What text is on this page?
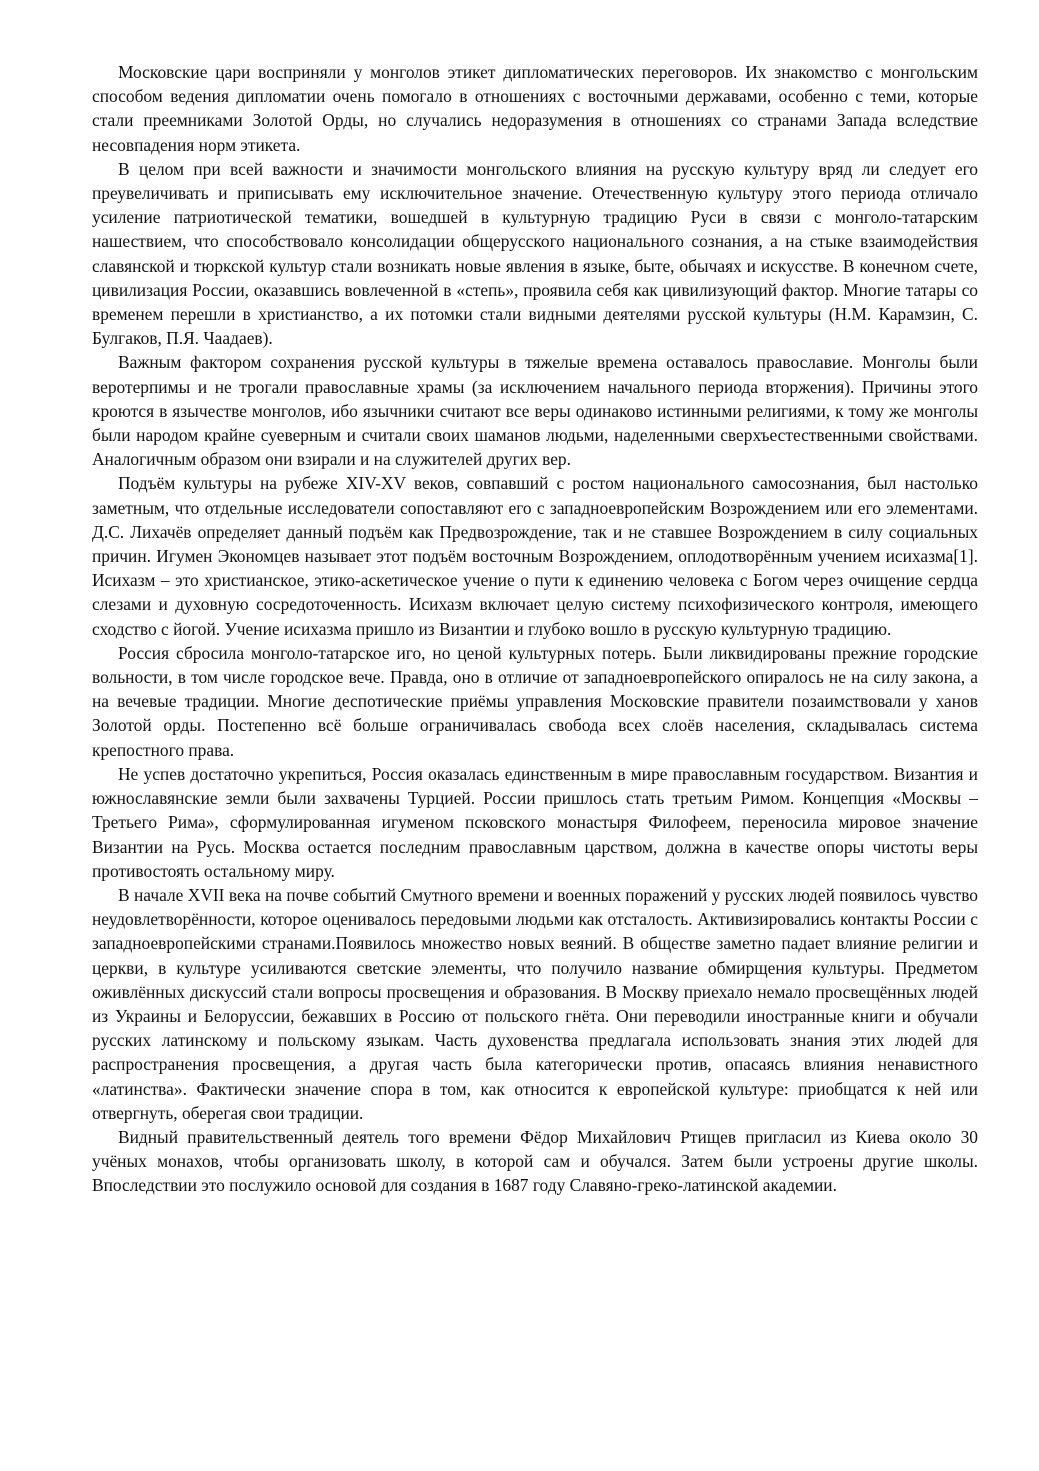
Московские цари восприняли у монголов этикет дипломатических переговоров. Их знакомство с монгольским способом ведения дипломатии очень помогало в отношениях с восточными державами, особенно с теми, которые стали преемниками Золотой Орды, но случались недоразумения в отношениях со странами Запада вследствие несовпадения норм этикета.

В целом при всей важности и значимости монгольского влияния на русскую культуру вряд ли следует его преувеличивать и приписывать ему исключительное значение. Отечественную культуру этого периода отличало усиление патриотической тематики, вошедшей в культурную традицию Руси в связи с монголо-татарским нашествием, что способствовало консолидации общерусского национального сознания, а на стыке взаимодействия славянской и тюркской культур стали возникать новые явления в языке, быте, обычаях и искусстве. В конечном счете, цивилизация России, оказавшись вовлеченной в «степь», проявила себя как цивилизующий фактор. Многие татары со временем перешли в христианство, а их потомки стали видными деятелями русской культуры (Н.М. Карамзин, С. Булгаков, П.Я. Чаадаев).

Важным фактором сохранения русской культуры в тяжелые времена оставалось православие. Монголы были веротерпимы и не трогали православные храмы (за исключением начального периода вторжения). Причины этого кроются в язычестве монголов, ибо язычники считают все веры одинаково истинными религиями, к тому же монголы были народом крайне суеверным и считали своих шаманов людьми, наделенными сверхъестественными свойствами. Аналогичным образом они взирали и на служителей других вер.

Подъём культуры на рубеже XIV-XV веков, совпавший с ростом национального самосознания, был настолько заметным, что отдельные исследователи сопоставляют его с западноевропейским Возрождением или его элементами. Д.С. Лихачёв определяет данный подъём как Предвозрождение, так и не ставшее Возрождением в силу социальных причин. Игумен Экономцев называет этот подъём восточным Возрождением, оплодотворённым учением исихазма[1]. Исихазм – это христианское, этико-аскетическое учение о пути к единению человека с Богом через очищение сердца слезами и духовную сосредоточенность. Исихазм включает целую систему психофизического контроля, имеющего сходство с йогой. Учение исихазма пришло из Византии и глубоко вошло в русскую культурную традицию.

Россия сбросила монголо-татарское иго, но ценой культурных потерь. Были ликвидированы прежние городские вольности, в том числе городское вече. Правда, оно в отличие от западноевропейского опиралось не на силу закона, а на вечевые традиции. Многие деспотические приёмы управления Московские правители позаимствовали у ханов Золотой орды. Постепенно всё больше ограничивалась свобода всех слоёв населения, складывалась система крепостного права.

Не успев достаточно укрепиться, Россия оказалась единственным в мире православным государством. Византия и южнославянские земли были захвачены Турцией. России пришлось стать третьим Римом. Концепция «Москвы – Третьего Рима», сформулированная игуменом псковского монастыря Филофеем, переносила мировое значение Византии на Русь. Москва остается последним православным царством, должна в качестве опоры чистоты веры противостоять остальному миру.

В начале XVII века на почве событий Смутного времени и военных поражений у русских людей появилось чувство неудовлетворённости, которое оценивалось передовыми людьми как отсталость. Активизировались контакты России с западноевропейскими странами.Появилось множество новых веяний. В обществе заметно падает влияние религии и церкви, в культуре усиливаются светские элементы, что получило название обмирщения культуры. Предметом оживлённых дискуссий стали вопросы просвещения и образования. В Москву приехало немало просвещённых людей из Украины и Белоруссии, бежавших в Россию от польского гнёта. Они переводили иностранные книги и обучали русских латинскому и польскому языкам. Часть духовенства предлагала использовать знания этих людей для распространения просвещения, а другая часть была категорически против, опасаясь влияния ненавистного «латинства». Фактически значение спора в том, как относится к европейской культуре: приобщатся к ней или отвергнуть, оберегая свои традиции.

Видный правительственный деятель того времени Фёдор Михайлович Ртищев пригласил из Киева около 30 учёных монахов, чтобы организовать школу, в которой сам и обучался. Затем были устроены другие школы. Впоследствии это послужило основой для создания в 1687 году Славяно-греко-латинской академии.
